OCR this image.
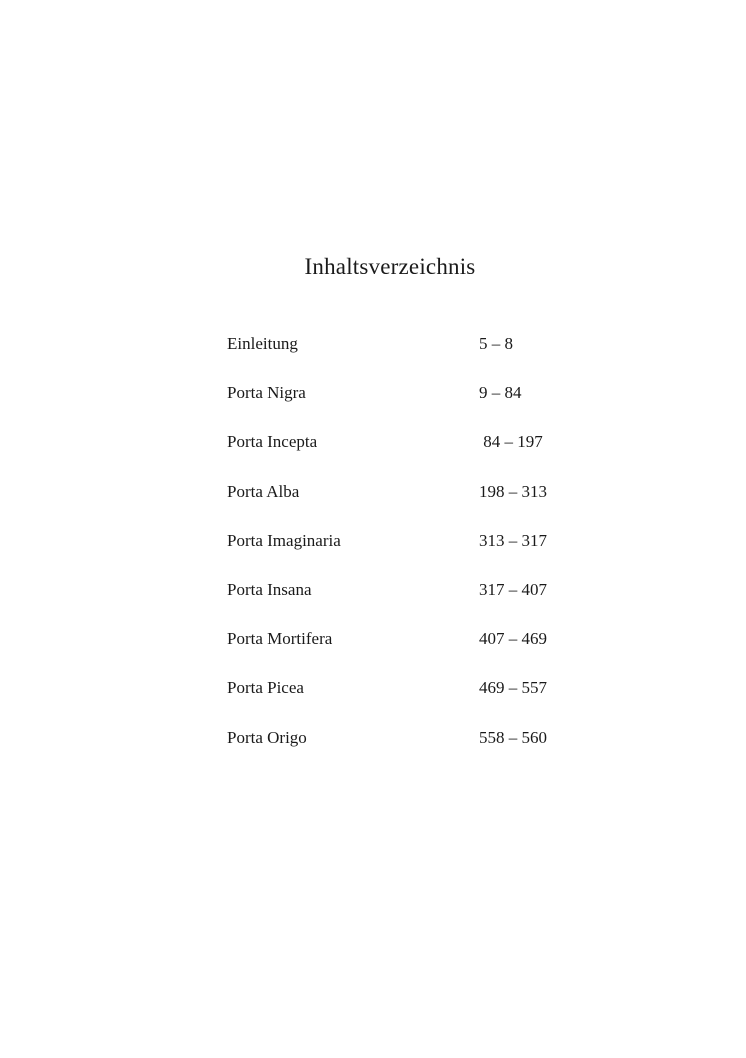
Inhaltsverzeichnis
Einleitung	5 – 8
Porta Nigra	9 – 84
Porta Incepta	84 – 197
Porta Alba	198 – 313
Porta Imaginaria	313 – 317
Porta Insana	317 – 407
Porta Mortifera	407 – 469
Porta Picea	469 – 557
Porta Origo	558 – 560
